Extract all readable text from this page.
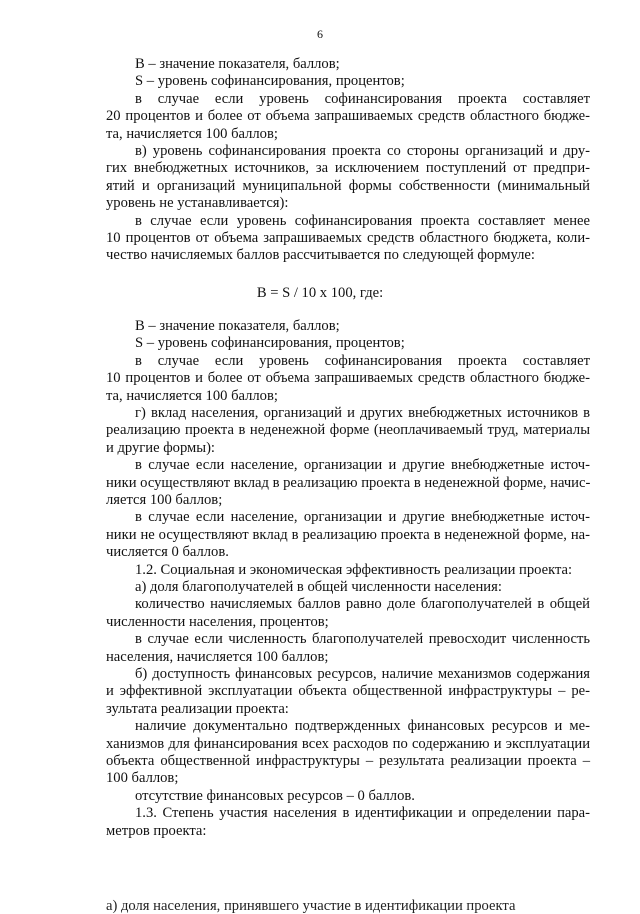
6
B – значение показателя, баллов;
S – уровень софинансирования, процентов;
в случае если уровень софинансирования проекта составляет
20 процентов и более от объема запрашиваемых средств областного бюдже-
та, начисляется 100 баллов;
в) уровень софинансирования проекта со стороны организаций и дру-
гих внебюджетных источников, за исключением поступлений от предпри-
ятий и организаций муниципальной формы собственности (минимальный
уровень не устанавливается):
в случае если уровень софинансирования проекта составляет менее
10 процентов от объема запрашиваемых средств областного бюджета, коли-
чество начисляемых баллов рассчитывается по следующей формуле:
B = S / 10 x 100, где:
B – значение показателя, баллов;
S – уровень софинансирования, процентов;
в случае если уровень софинансирования проекта составляет
10 процентов и более от объема запрашиваемых средств областного бюдже-
та, начисляется 100 баллов;
г) вклад населения, организаций и других внебюджетных источников в
реализацию проекта в неденежной форме (неоплачиваемый труд, материалы
и другие формы):
в случае если население, организации и другие внебюджетные источ-
ники осуществляют вклад в реализацию проекта в неденежной форме, начис-
ляется 100 баллов;
в случае если население, организации и другие внебюджетные источ-
ники не осуществляют вклад в реализацию проекта в неденежной форме, на-
числяется 0 баллов.
1.2. Социальная и экономическая эффективность реализации проекта:
а) доля благополучателей в общей численности населения:
количество начисляемых баллов равно доле благополучателей в общей
численности населения, процентов;
в случае если численность благополучателей превосходит численность
населения, начисляется 100 баллов;
б) доступность финансовых ресурсов, наличие механизмов содержания
и эффективной эксплуатации объекта общественной инфраструктуры – ре-
зультата реализации проекта:
наличие документально подтвержденных финансовых ресурсов и ме-
ханизмов для финансирования всех расходов по содержанию и эксплуатации
объекта общественной инфраструктуры – результата реализации проекта –
100 баллов;
отсутствие финансовых ресурсов – 0 баллов.
1.3. Степень участия населения в идентификации и определении пара-
метров проекта:
а) доля населения, принявшего участие в идентификации проекта
